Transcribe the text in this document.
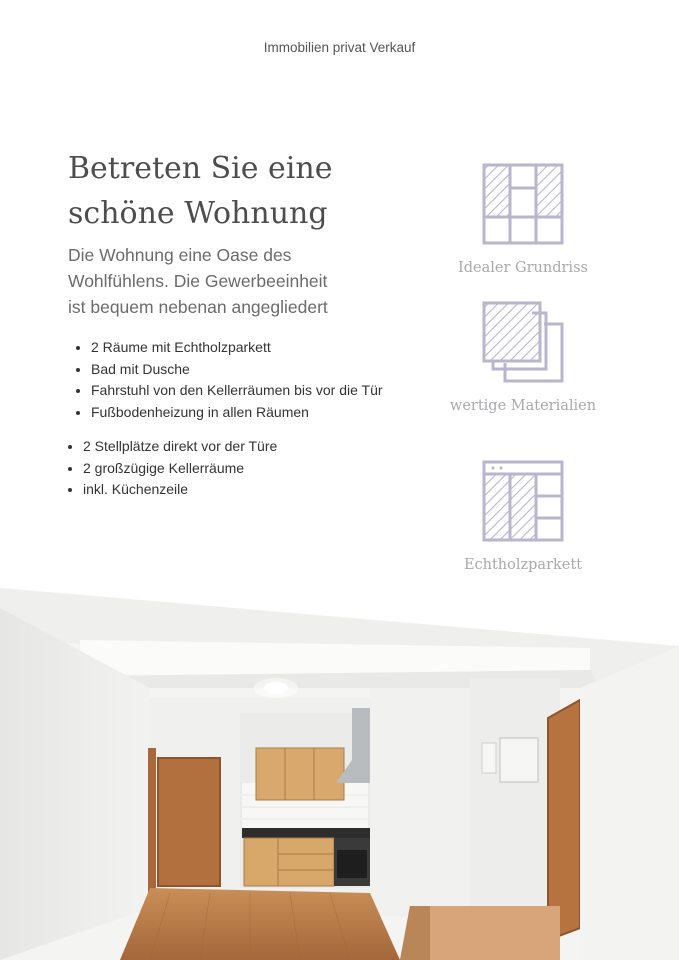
Immobilien privat Verkauf
Betreten Sie eine
schöne Wohnung
Die Wohnung eine Oase des
Wohlfühlens. Die Gewerbeeinheit
ist bequem nebenan angegliedert
• 2 Räume mit Echtholzparkett
• Bad mit Dusche
• Fahrstuhl von den Kellerräumen bis vor die Tür
• Fußbodenheizung in allen Räumen
• 2 Stellplätze direkt vor der Türe
• 2 großzügige Kellerräume
• inkl. Küchenzeile
Idealer Grundriss
wertige Materialien
Echtholzparkett
